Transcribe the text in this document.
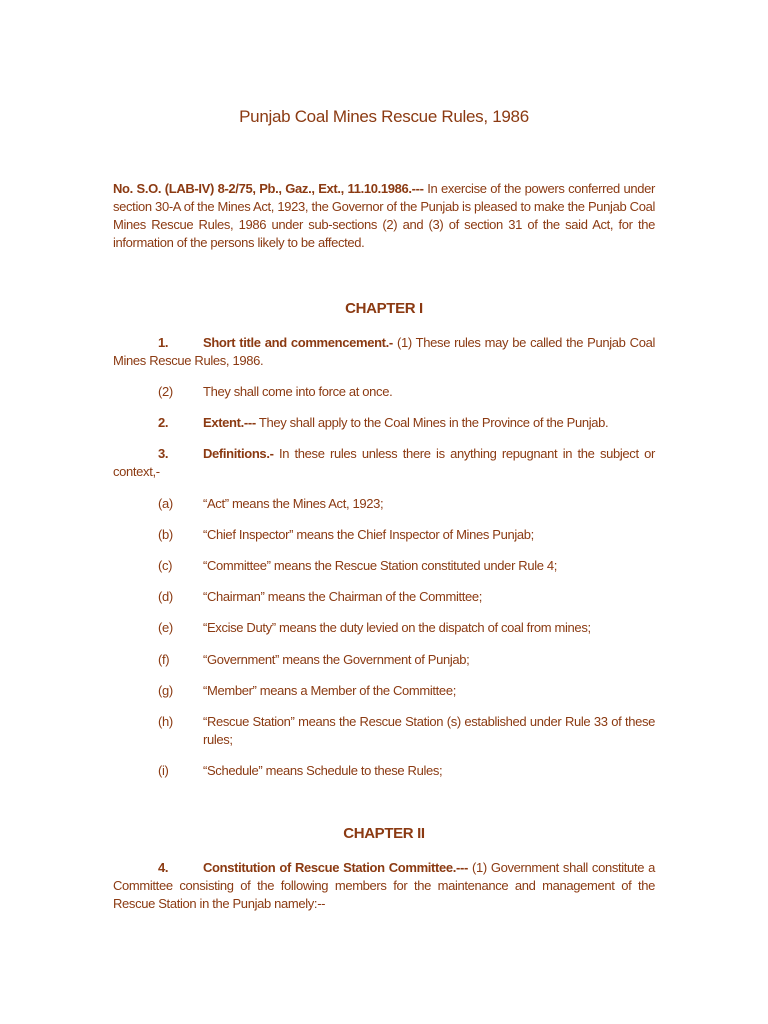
Punjab Coal Mines Rescue Rules, 1986

No. S.O. (LAB-IV) 8-2/75, Pb., Gaz., Ext., 11.10.1986.--- In exercise of the powers conferred under section 30-A of the Mines Act, 1923, the Governor of the Punjab is pleased to make the Punjab Coal Mines Rescue Rules, 1986 under sub-sections (2) and (3) of section 31 of the said Act, for the information of the persons likely to be affected.

CHAPTER I

1.	Short title and commencement.- (1) These rules may be called the Punjab Coal Mines Rescue Rules, 1986.

(2)	They shall come into force at once.

2.	Extent.--- They shall apply to the Coal Mines in the Province of the Punjab.

3.	Definitions.- In these rules unless there is anything repugnant in the subject or context,-

(a)	“Act” means the Mines Act, 1923;
(b)	“Chief Inspector” means the Chief Inspector of Mines Punjab;
(c)	“Committee” means the Rescue Station constituted under Rule 4;
(d)	“Chairman” means the Chairman of the Committee;
(e)	“Excise Duty” means the duty levied on the dispatch of coal from mines;
(f)	“Government” means the Government of Punjab;
(g)	“Member” means a Member of the Committee;
(h)	“Rescue Station” means the Rescue Station (s) established under Rule 33 of these rules;
(i)	“Schedule” means Schedule to these Rules;
CHAPTER II

4.	Constitution of Rescue Station Committee.--- (1) Government shall constitute a Committee consisting of the following members for the maintenance and management of the Rescue Station in the Punjab namely:--
